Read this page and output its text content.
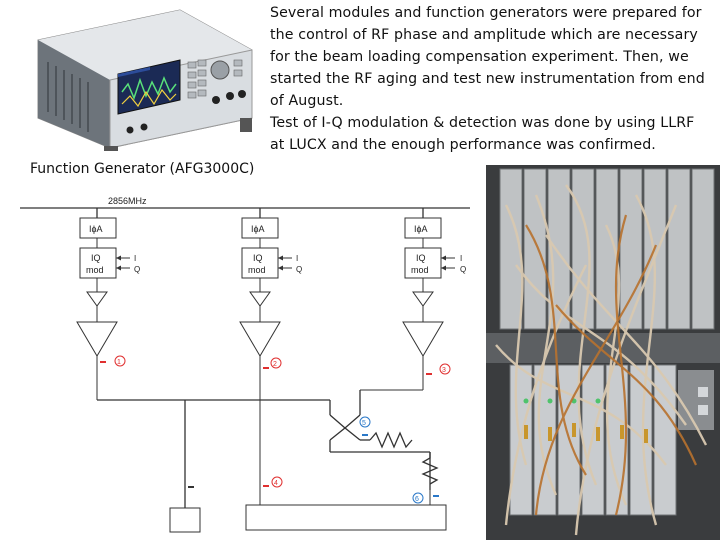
Several modules and function generators were prepared for

the control of RF phase and amplitude which are necessary

for the beam loading compensation experiment. Then, we

started the RF aging and test new instrumentation from end

of August.

Test of I-Q modulation & detection was done by using LLRF

at LUCX and the enough performance was confirmed.

Function Generator (AFG3000C)
2856MHz
IɸA
IQ
mod
I
Q
1
IɸA
IQ
mod
I
Q
2
IɸA
IQ
mod
I
Q
3
5
4
6
